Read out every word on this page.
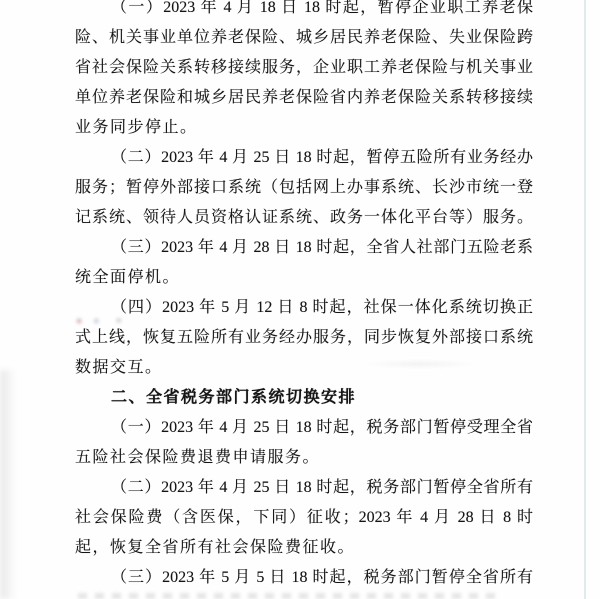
（一）2023 年 4 月 18 日 18 时起，暂停企业职工养老保
险、机关事业单位养老保险、城乡居民养老保险、失业保险跨
省社会保险关系转移接续服务，企业职工养老保险与机关事业
单位养老保险和城乡居民养老保险省内养老保险关系转移接续
业务同步停止。
（二）2023 年 4 月 25 日 18 时起，暂停五险所有业务经办
服务；暂停外部接口系统（包括网上办事系统、长沙市统一登
记系统、领待人员资格认证系统、政务一体化平台等）服务。
（三）2023 年 4 月 28 日 18 时起，全省人社部门五险老系
统全面停机。
（四）2023 年 5 月 12 日 8 时起，社保一体化系统切换正
式上线，恢复五险所有业务经办服务，同步恢复外部接口系统
数据交互。
二、全省税务部门系统切换安排
（一）2023 年 4 月 25 日 18 时起，税务部门暂停受理全省
五险社会保险费退费申请服务。
（二）2023 年 4 月 25 日 18 时起，税务部门暂停全省所有
社会保险费（含医保，下同）征收；2023 年 4 月 28 日 8 时
起，恢复全省所有社会保险费征收。
（三）2023 年 5 月 5 日 18 时起，税务部门暂停全省所有
